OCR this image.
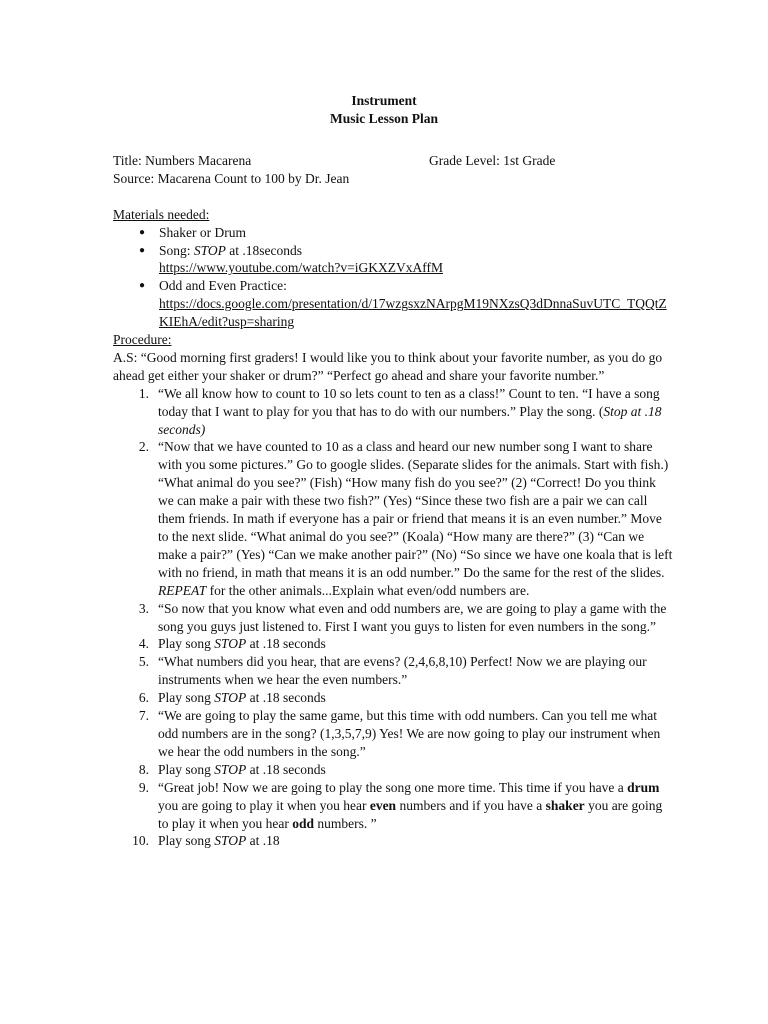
Instrument
Music Lesson Plan
Title: Numbers Macarena	Grade Level: 1st Grade
Source: Macarena Count to 100 by Dr. Jean
Materials needed:
● Shaker or Drum
● Song: STOP at .18seconds
https://www.youtube.com/watch?v=iGKXZVxAffM
● Odd and Even Practice:
https://docs.google.com/presentation/d/17wzgsxzNArpgM19NXzsQ3dDnnaSuvUTC_TQQtZKIEhA/edit?usp=sharing
Procedure:
A.S: “Good morning first graders! I would like you to think about your favorite number, as you do go ahead get either your shaker or drum?” “Perfect go ahead and share your favorite number.”
1. “We all know how to count to 10 so lets count to ten as a class!” Count to ten. “I have a song today that I want to play for you that has to do with our numbers.” Play the song. (Stop at .18 seconds)
2. “Now that we have counted to 10 as a class and heard our new number song I want to share with you some pictures.” Go to google slides. (Separate slides for the animals. Start with fish.) “What animal do you see?” (Fish) “How many fish do you see?” (2) “Correct! Do you think we can make a pair with these two fish?” (Yes) “Since these two fish are a pair we can call them friends. In math if everyone has a pair or friend that means it is an even number.” Move to the next slide. “What animal do you see?” (Koala) “How many are there?” (3) “Can we make a pair?” (Yes) “Can we make another pair?” (No) “So since we have one koala that is left with no friend, in math that means it is an odd number.” Do the same for the rest of the slides.
REPEAT for the other animals...Explain what even/odd numbers are.
3. “So now that you know what even and odd numbers are, we are going to play a game with the song you guys just listened to. First I want you guys to listen for even numbers in the song.”
4. Play song STOP at .18 seconds
5. “What numbers did you hear, that are evens? (2,4,6,8,10) Perfect! Now we are playing our instruments when we hear the even numbers.”
6. Play song STOP at .18 seconds
7. “We are going to play the same game, but this time with odd numbers. Can you tell me what odd numbers are in the song? (1,3,5,7,9) Yes! We are now going to play our instrument when we hear the odd numbers in the song.”
8. Play song STOP at .18 seconds
9. “Great job! Now we are going to play the song one more time. This time if you have a drum you are going to play it when you hear even numbers and if you have a shaker you are going to play it when you hear odd numbers. ”
10. Play song STOP at .18
